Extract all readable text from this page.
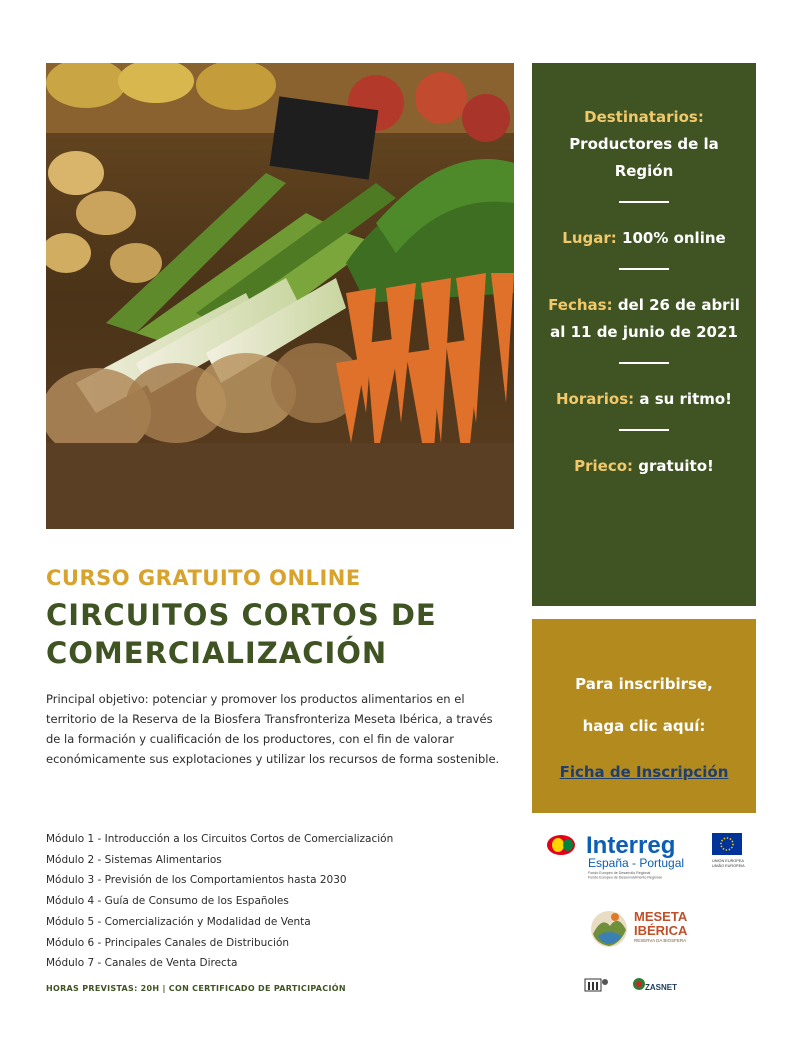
Destinatarios:
Productores de la Región
Lugar: 100% online
Fechas: del 26 de abril al 11 de junio de 2021
Horarios: a su ritmo!
Prieco: gratuito!
Para inscribirse,
haga clic aquí:
Ficha de Inscripción
CURSO GRATUITO ONLINE
CIRCUITOS CORTOS DE
COMERCIALIZACIÓN
Principal objetivo: potenciar y promover los productos alimentarios en el territorio de la Reserva de la Biosfera Transfronteriza Meseta Ibérica, a través de la formación y cualificación de los productores, con el fin de valorar económicamente sus explotaciones y utilizar los recursos de forma sostenible.
Módulo 1 - Introducción a los Circuitos Cortos de Comercialización
Módulo 2 - Sistemas Alimentarios
Módulo 3 - Previsión de los Comportamientos hasta 2030
Módulo 4 - Guía de Consumo de los Españoles
Módulo 5 - Comercialización y Modalidad de Venta
Módulo 6 - Principales Canales de Distribución
Módulo 7 - Canales de Venta Directa
HORAS PREVISTAS: 20H | CON CERTIFICADO DE PARTICIPACIÓN
Interreg
España - Portugal
Fondo Europeo de Desarrollo Regional
Fundo Europeu de Desenvolvimento Regional
UNIÓN EUROPEA
UNIÃO EUROPEIA
MESETA
IBÉRICA
RESERVA DA BIOSFERA
ZASNET
